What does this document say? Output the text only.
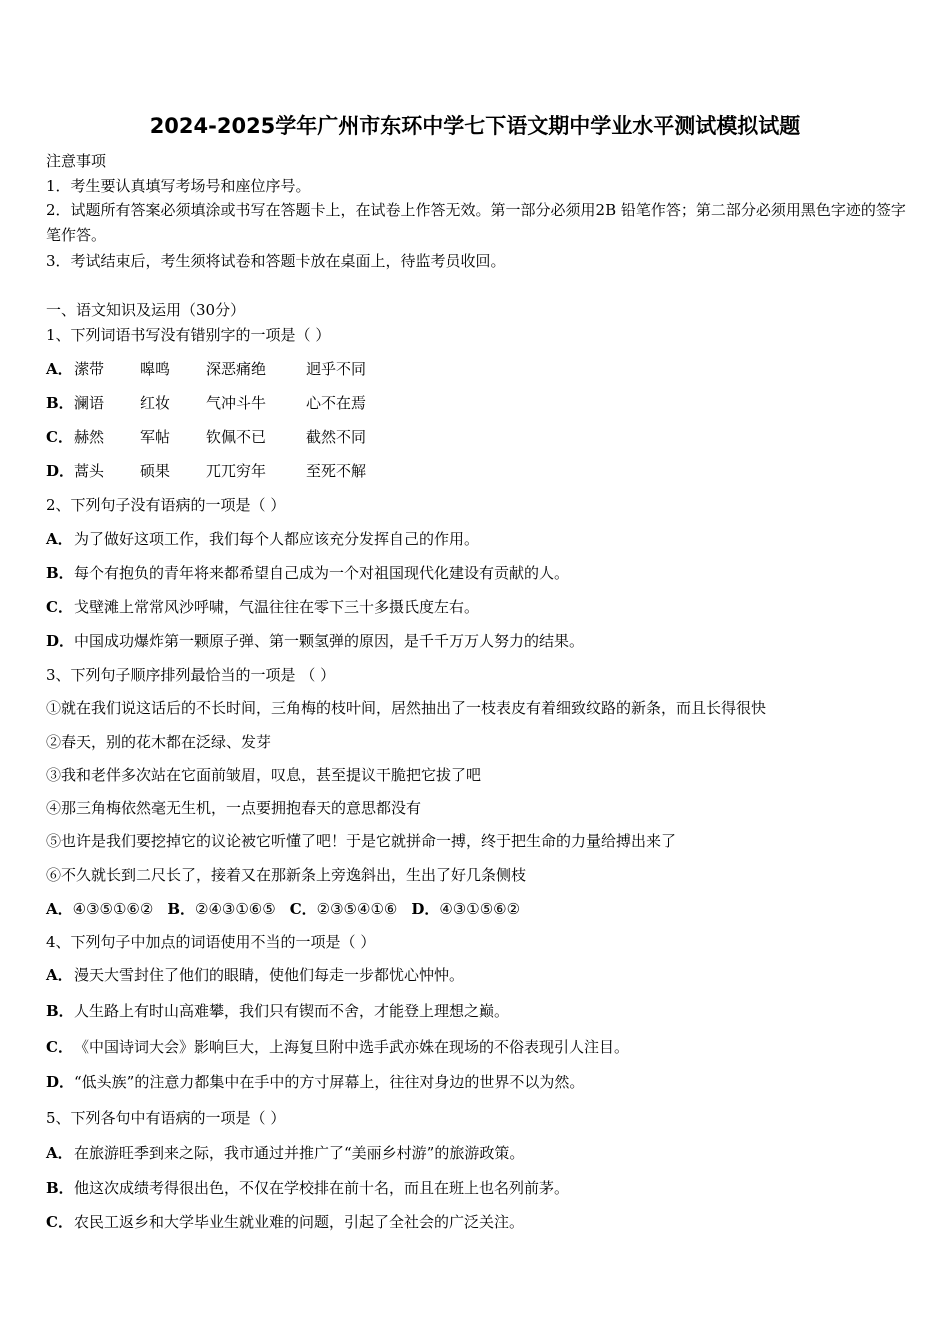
2024-2025学年广州市东环中学七下语文期中学业水平测试模拟试题
注意事项
1．考生要认真填写考场号和座位序号。
2．试题所有答案必须填涂或书写在答题卡上，在试卷上作答无效。第一部分必须用2B 铅笔作答；第二部分必须用黑色字迹的签字笔作答。
3．考试结束后，考生须将试卷和答题卡放在桌面上，待监考员收回。
一、语文知识及运用（30分）
1、下列词语书写没有错别字的一项是（ ）
A．潆带 嗥鸣 深恶痛绝	迥乎不同
B．澜语 红妆 气冲斗牛	心不在焉
C．赫然 军帖 钦佩不已	截然不同
D．蒿头 硕果 兀兀穷年	至死不解
2、下列句子没有语病的一项是（ ）
A．为了做好这项工作，我们每个人都应该充分发挥自己的作用。
B．每个有抱负的青年将来都希望自己成为一个对祖国现代化建设有贡献的人。
C．戈壁滩上常常风沙呼啸，气温往往在零下三十多摄氏度左右。
D．中国成功爆炸第一颗原子弹、第一颗氢弹的原因，是千千万万人努力的结果。
3、下列句子顺序排列最恰当的一项是 （ ）
①就在我们说这话后的不长时间，三角梅的枝叶间，居然抽出了一枝表皮有着细致纹路的新条，而且长得很快
②春天，别的花木都在泛绿、发芽
③我和老伴多次站在它面前皱眉，叹息，甚至提议干脆把它拔了吧
④那三角梅依然毫无生机，一点要拥抱春天的意思都没有
⑤也许是我们要挖掉它的议论被它听懂了吧！于是它就拼命一搏，终于把生命的力量给搏出来了
⑥不久就长到二尺长了，接着又在那新条上旁逸斜出，生出了好几条侧枝
A．④③⑤①⑥② B．②④③①⑥⑤ C．②③⑤④①⑥ D．④③①⑤⑥②
4、下列句子中加点的词语使用不当的一项是（ ）
A．漫天大雪封住了他们的眼睛，使他们每走一步都忧心忡忡。
B．人生路上有时山高难攀，我们只有锲而不舍，才能登上理想之巅。
C．《中国诗词大会》影响巨大，上海复旦附中选手武亦姝在现场的不俗表现引人注目。
D．“低头族”的注意力都集中在手中的方寸屏幕上，往往对身边的世界不以为然。
5、下列各句中有语病的一项是（ ）
A．在旅游旺季到来之际，我市通过并推广了“美丽乡村游”的旅游政策。
B．他这次成绩考得很出色，不仅在学校排在前十名，而且在班上也名列前茅。
C．农民工返乡和大学毕业生就业难的问题，引起了全社会的广泛关注。
